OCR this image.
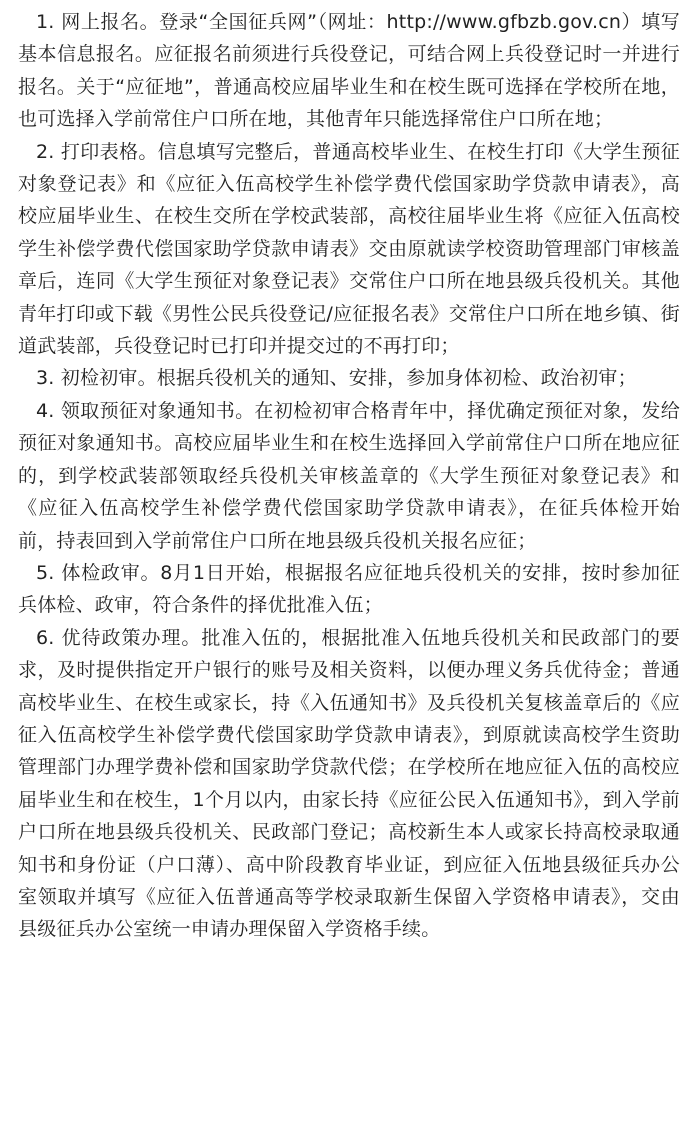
1. 网上报名。登录“全国征兵网”（网址：http://www.gfbzb.gov.cn）填写基本信息报名。应征报名前须进行兵役登记，可结合网上兵役登记时一并进行报名。关于“应征地”，普通高校应届毕业生和在校生既可选择在学校所在地，也可选择入学前常住户口所在地，其他青年只能选择常住户口所在地；

2. 打印表格。信息填写完整后，普通高校毕业生、在校生打印《大学生预征对象登记表》和《应征入伍高校学生补偿学费代偿国家助学贷款申请表》，高校应届毕业生、在校生交所在学校武装部，高校往届毕业生将《应征入伍高校学生补偿学费代偿国家助学贷款申请表》交由原就读学校资助管理部门审核盖章后，连同《大学生预征对象登记表》交常住户口所在地县级兵役机关。其他青年打印或下载《男性公民兵役登记/应征报名表》交常住户口所在地乡镇、街道武装部，兵役登记时已打印并提交过的不再打印；

3. 初检初审。根据兵役机关的通知、安排，参加身体初检、政治初审；

4. 领取预征对象通知书。在初检初审合格青年中，择优确定预征对象，发给预征对象通知书。高校应届毕业生和在校生选择回入学前常住户口所在地应征的，到学校武装部领取经兵役机关审核盖章的《大学生预征对象登记表》和《应征入伍高校学生补偿学费代偿国家助学贷款申请表》，在征兵体检开始前，持表回到入学前常住户口所在地县级兵役机关报名应征；

5. 体检政审。8月1日开始，根据报名应征地兵役机关的安排，按时参加征兵体检、政审，符合条件的择优批准入伍；

6. 优待政策办理。批准入伍的，根据批准入伍地兵役机关和民政部门的要求，及时提供指定开户银行的账号及相关资料，以便办理义务兵优待金；普通高校毕业生、在校生或家长，持《入伍通知书》及兵役机关复核盖章后的《应征入伍高校学生补偿学费代偿国家助学贷款申请表》，到原就读高校学生资助管理部门办理学费补偿和国家助学贷款代偿；在学校所在地应征入伍的高校应届毕业生和在校生，1个月以内，由家长持《应征公民入伍通知书》，到入学前户口所在地县级兵役机关、民政部门登记；高校新生本人或家长持高校录取通知书和身份证（户口薄）、高中阶段教育毕业证，到应征入伍地县级征兵办公室领取并填写《应征入伍普通高等学校录取新生保留入学资格申请表》，交由县级征兵办公室统一申请办理保留入学资格手续。
